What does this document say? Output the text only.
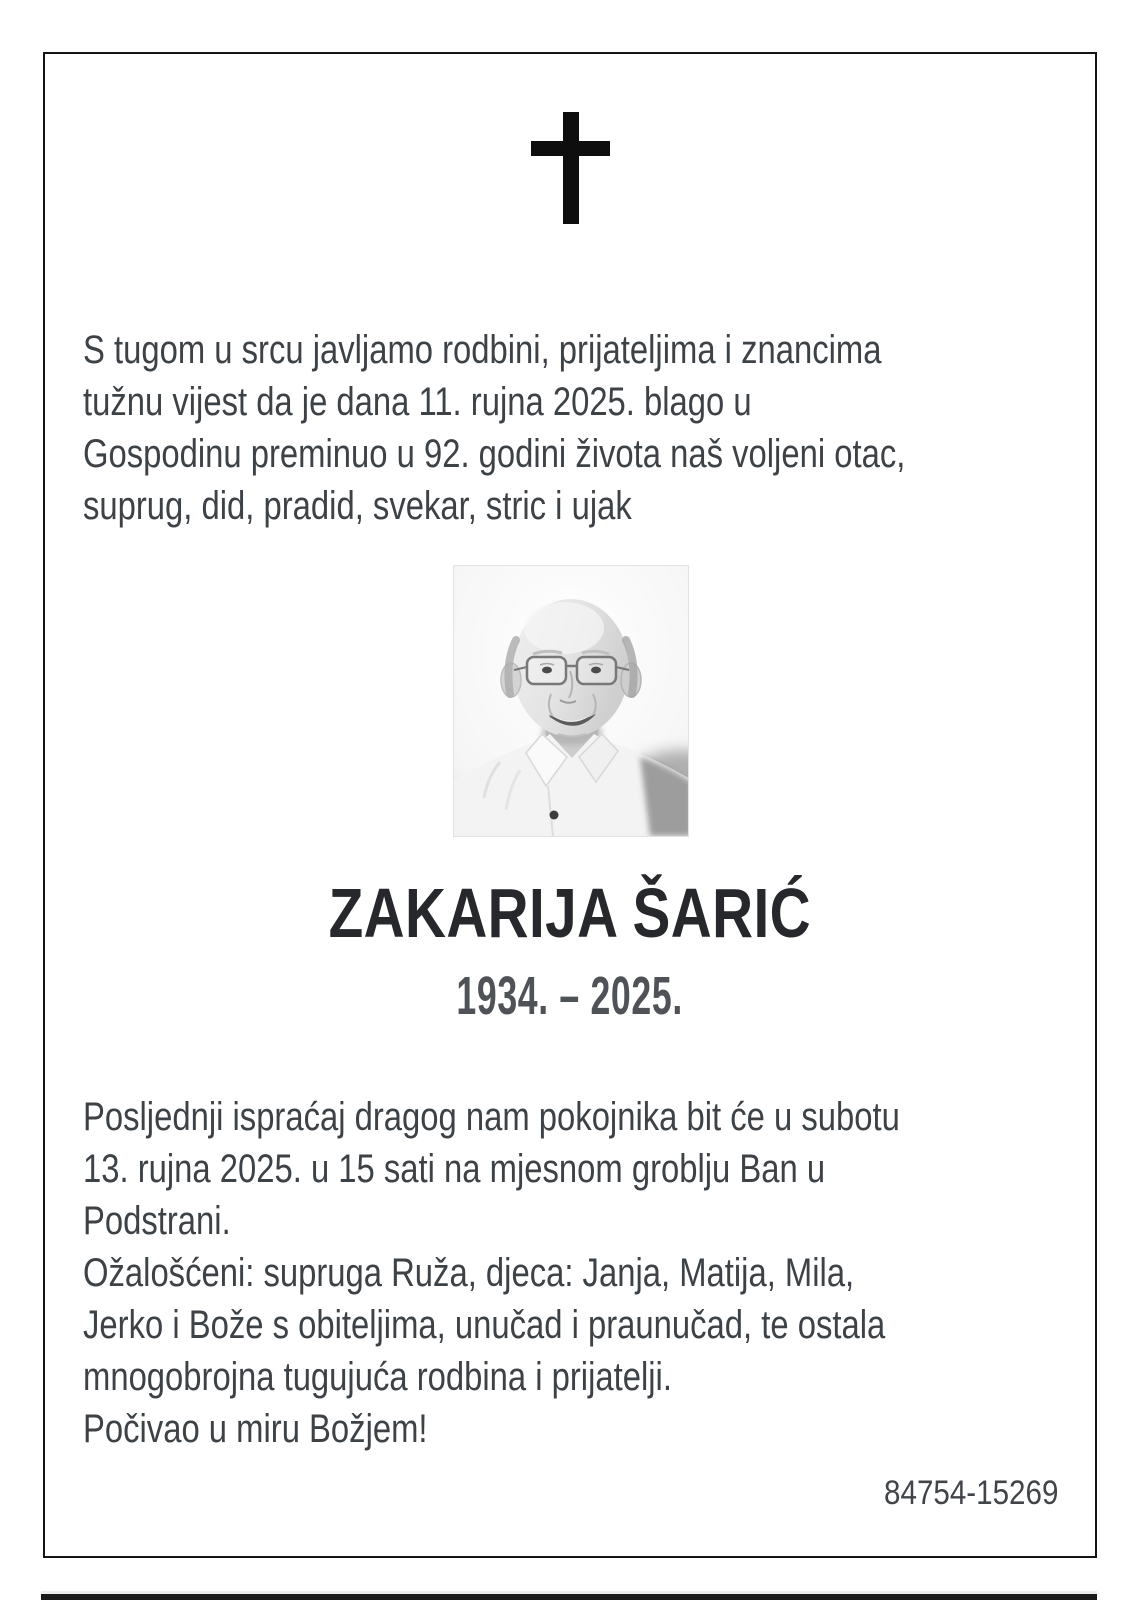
S tugom u srcu javljamo rodbini, prijateljima i znancima
tužnu vijest da je dana 11. rujna 2025. blago u
Gospodinu preminuo u 92. godini života naš voljeni otac,
suprug, did, pradid, svekar, stric i ujak
ZAKARIJA ŠARIĆ
1934. – 2025.
Posljednji ispraćaj dragog nam pokojnika bit će u subotu
13. rujna 2025. u 15 sati na mjesnom groblju Ban u
Podstrani.
Ožalošćeni: supruga Ruža, djeca: Janja, Matija, Mila,
Jerko i Bože s obiteljima, unučad i praunučad, te ostala
mnogobrojna tugujuća rodbina i prijatelji.
Počivao u miru Božjem!
84754-15269
